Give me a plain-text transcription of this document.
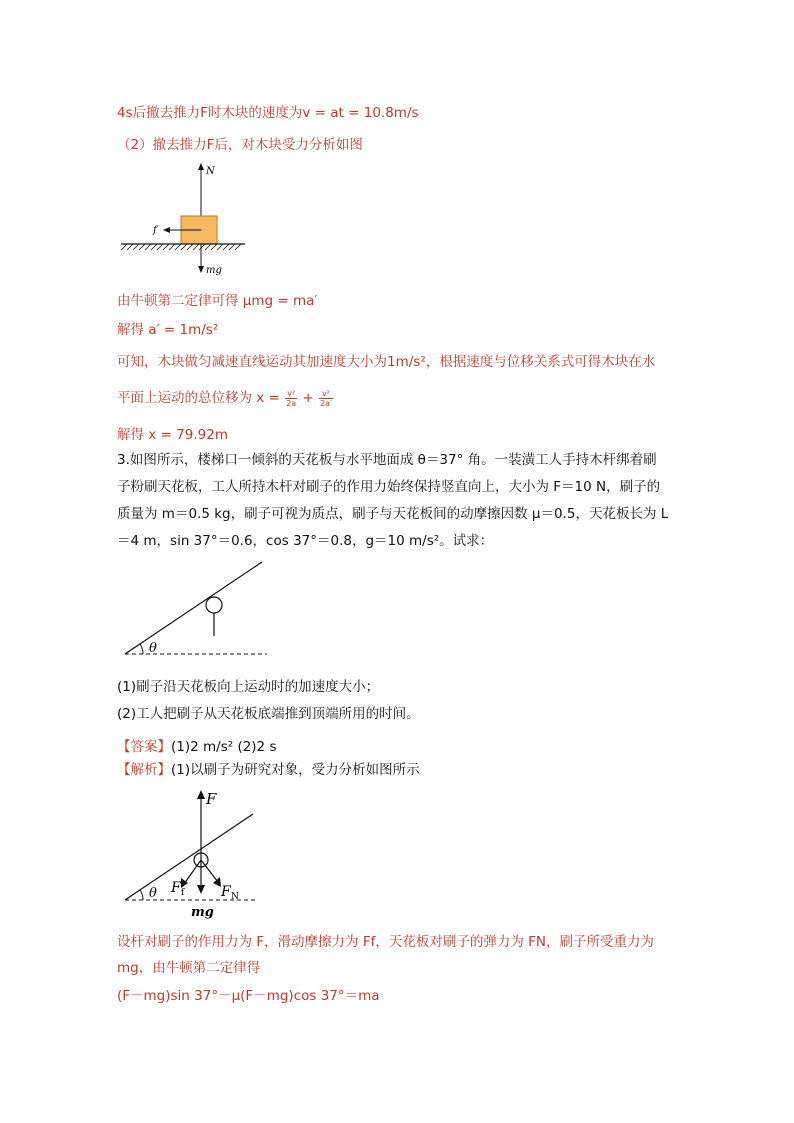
4s后撤去推力F时木块的速度为v = at = 10.8m/s
（2）撤去推力F后，对木块受力分析如图
N
f
mg
由牛顿第二定律可得 μmg = ma′
解得 a′ = 1m/s²
可知，木块做匀减速直线运动其加速度大小为1m/s²，根据速度与位移关系式可得木块在水
平面上运动的总位移为 $x = \frac{\text{v²}}{2a} + \frac{\text{v²}}{2a'}$
解得 x = 79.92m
3.如图所示，楼梯口一倾斜的天花板与水平地面成 θ＝37° 角。一装潢工人手持木杆绑着刷
子粉刷天花板，工人所持木杆对刷子的作用力始终保持竖直向上，大小为 F＝10 N，刷子的
质量为 m＝0.5 kg，刷子可视为质点，刷子与天花板间的动摩擦因数 μ＝0.5，天花板长为 L
＝4 m，sin 37°＝0.6，cos 37°＝0.8，g＝10 m/s²。试求：
θ
(1)刷子沿天花板向上运动时的加速度大小；
(2)工人把刷子从天花板底端推到顶端所用的时间。
【答案】(1)2 m/s² (2)2 s
【解析】(1)以刷子为研究对象，受力分析如图所示
F
F f	F N
θ
mg
设杆对刷子的作用力为 F，滑动摩擦力为 Ff，天花板对刷子的弹力为 FN，刷子所受重力为
mg，由牛顿第二定律得
(F－mg)sin 37°－μ(F－mg)cos 37°＝ma
